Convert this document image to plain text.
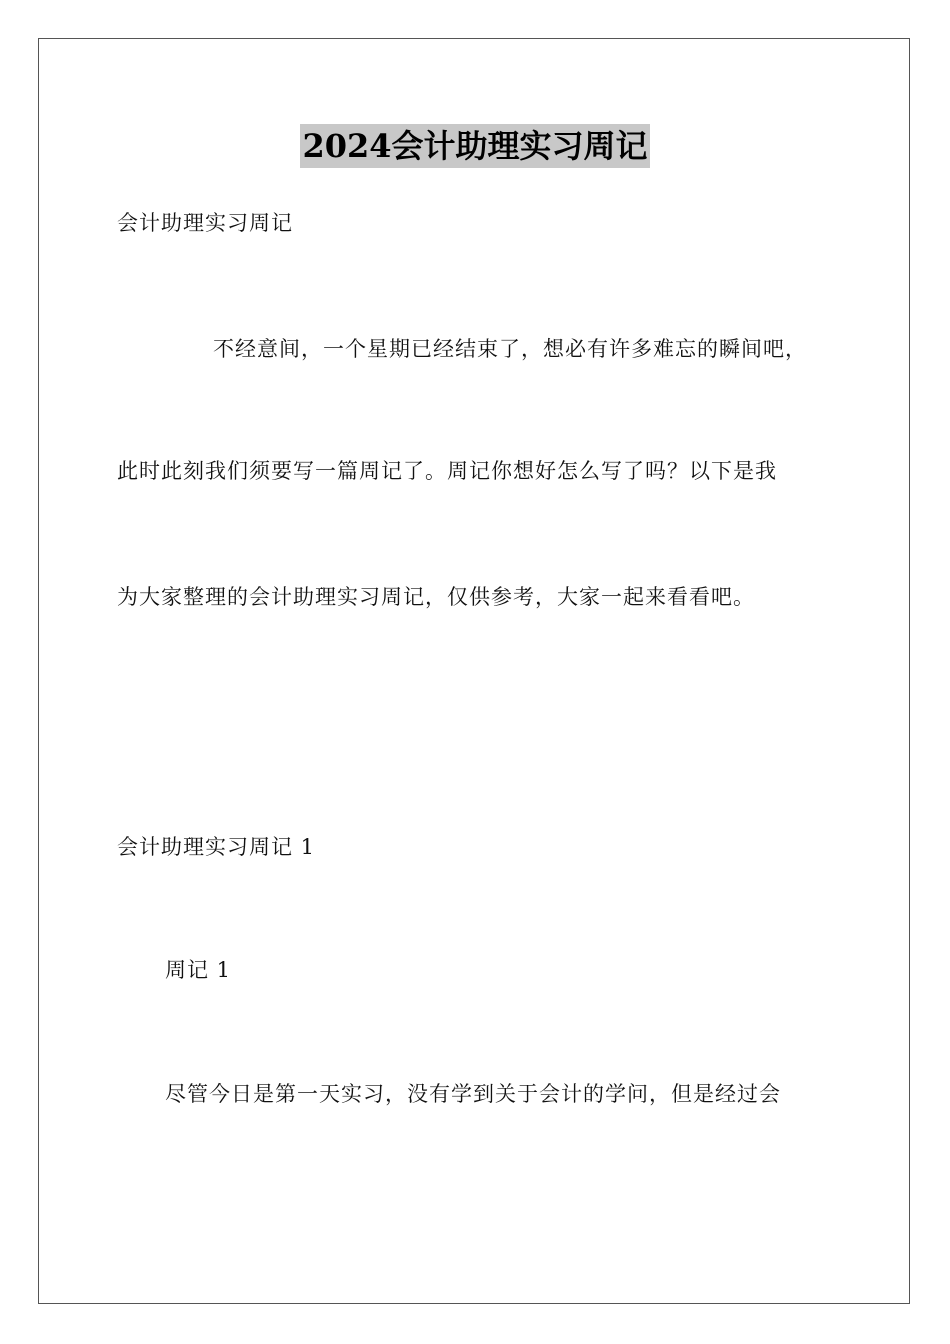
2024会计助理实习周记
会计助理实习周记
不经意间，一个星期已经结束了，想必有许多难忘的瞬间吧，
此时此刻我们须要写一篇周记了。周记你想好怎么写了吗？以下是我
为大家整理的会计助理实习周记，仅供参考，大家一起来看看吧。
会计助理实习周记 1
周记 1
尽管今日是第一天实习，没有学到关于会计的学问，但是经过会
